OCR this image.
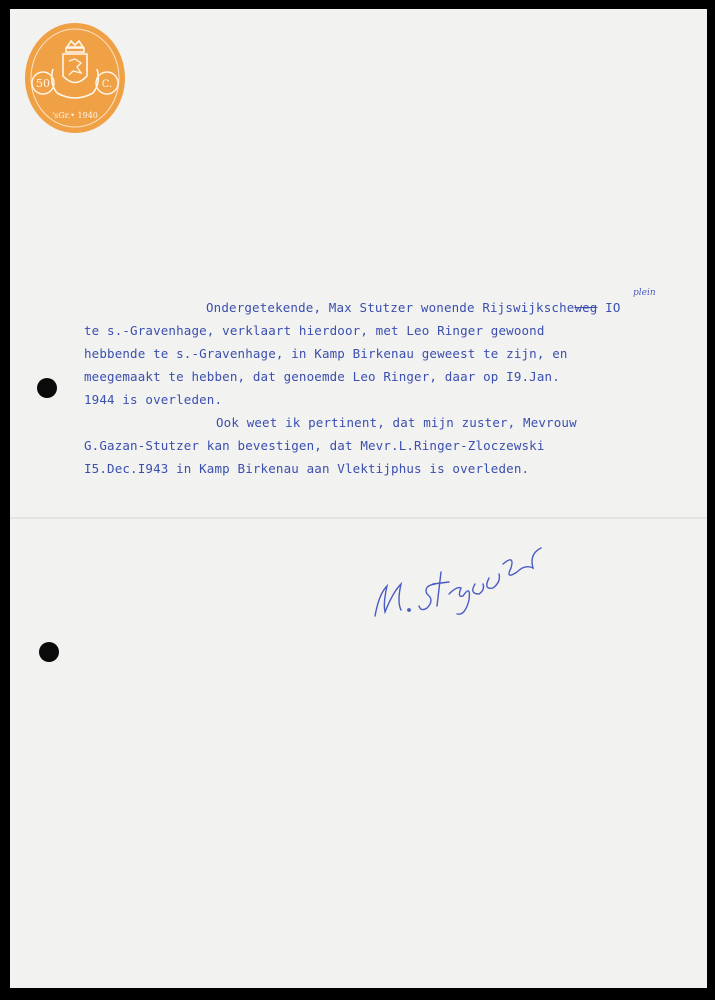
50	C.
'sGr.• 1940
plein
Ondergetekende, Max Stutzer wonende Rijswijkscheweg IO
te s.-Gravenhage, verklaart hierdoor, met Leo Ringer gewoond
hebbende te s.-Gravenhage, in Kamp Birkenau geweest te zijn, en
meegemaakt te hebben, dat genoemde Leo Ringer, daar op I9.Jan.
1944 is overleden.
Ook weet ik pertinent, dat mijn zuster, Mevrouw
G.Gazan-Stutzer kan bevestigen, dat Mevr.L.Ringer-Zloczewski
I5.Dec.I943 in Kamp Birkenau aan Vlektijphus is overleden.
